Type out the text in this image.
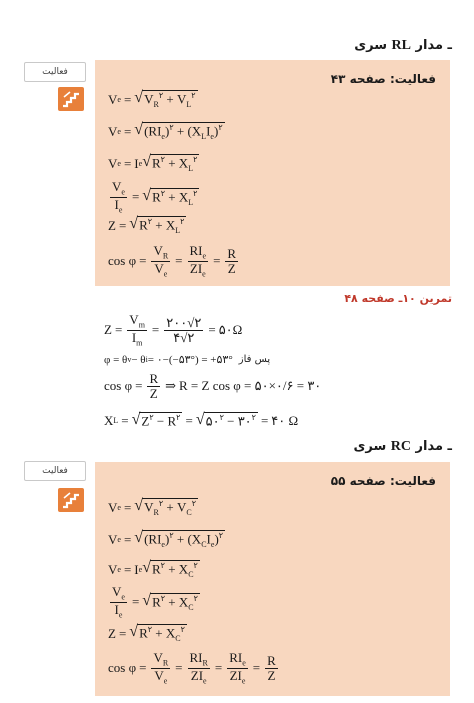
ـ مدار RL سری
فعالیت	فعالیت: صفحه ۴۳
V e = √ $V_R^۲ + V_L^۲$
V e = √ $(RI_e)^۲ + (X_LI_e)^۲$
V e = I e √ $R^۲ + X_L^۲$
$\frac{V_e}{I_e}$ = √ $R^۲ + X_L^۲$
Z = √ $R^۲ + X_L^۲$
$\cos \varphi = \frac{V_R}{V_e} = \frac{RI_e}{ZI_e} = \frac{R}{Z}$
تمرین ۱۰ـ صفحه ۴۸
$Z = \frac{V_m}{I_m} = \frac{۲۰۰√۲}{۴√۲}$ = ۵۰Ω
φ = θ v − θ i = ۰−(−۵۳°) = +۵۳° پس فاز
$\cos \varphi = \frac{R}{Z}$ ⇒ R = Z cos φ = ۵۰×۰/۶ = ۳۰
X L = √ $Z^۲ - R^۲$ = √ $۵۰^۲$ − $۳۰^۲$ = ۴۰ Ω
ـ مدار RC سری
فعالیت
فعالیت: صفحه ۵۵
V e = √ $V_R^۲ + V_C^۲$
V e = √ $(RI_e)^۲ + (X_CI_e)^۲$
V e = I e √ $R^۲ + X_C^۲$
$\frac{V_e}{I_e}$ = √ $R^۲ + X_C^۲$
Z = √ $R^۲ + X_C^۲$
$\cos \varphi = \frac{V_R}{V_e} = \frac{RI_R}{ZI_e} = \frac{RI_e}{ZI_e} = \frac{R}{Z}$
